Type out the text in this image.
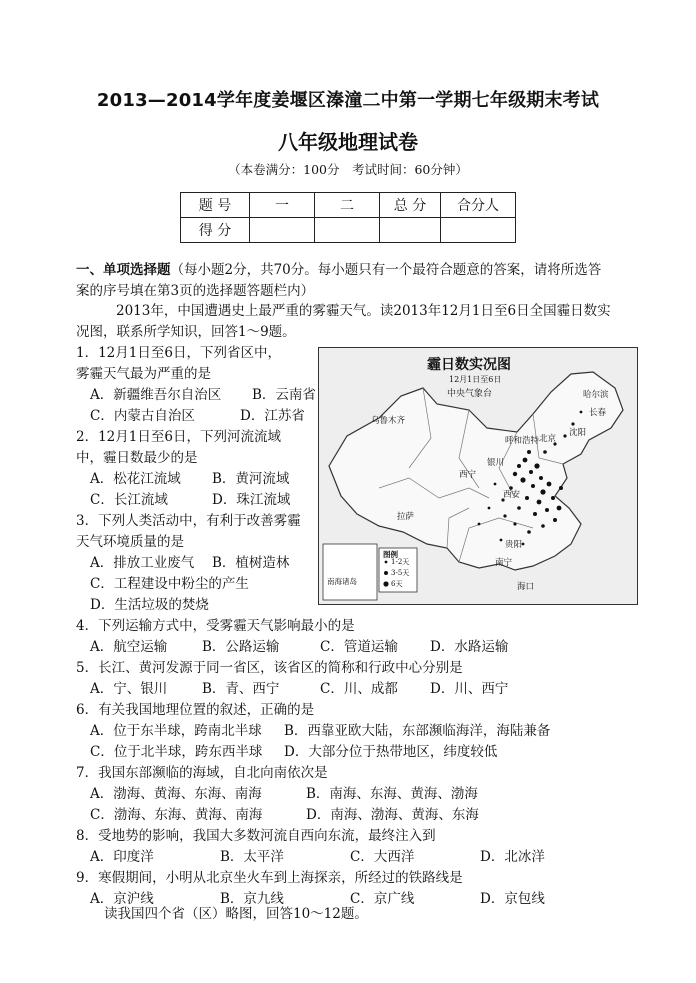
2013—2014学年度姜堰区溱潼二中第一学期七年级期末考试
八年级地理试卷
（本卷满分：100分　考试时间：60分钟）
题 号	一	二	总 分	合分人
得 分				
一、单项选择题（每小题2分，共70分。每小题只有一个最符合题意的答案，请将所选答
案的序号填在第3页的选择题答题栏内）
2013年，中国遭遇史上最严重的雾霾天气。读2013年12月1日至6日全国霾日数实
况图，联系所学知识，回答1～9题。
霾日数实况图
12月1日至6日
中央气象台
乌鲁木齐
哈尔滨
长春
沈阳
北京
呼和浩特
西宁
银川
西安
拉萨
贵阳
南宁
海口
南海诸岛
图例
1-2天
3-5天
6天
1．12月1日至6日，下列省区中，
雾霾天气最为严重的是
A．新疆维吾尔自治区 B．云南省
C．内蒙古自治区	D．江苏省
2．12月1日至6日，下列河流流域
中，霾日数最少的是
A．松花江流域 B．黄河流域
C．长江流域	D．珠江流域
3．下列人类活动中，有利于改善雾霾
天气环境质量的是
A．排放工业废气 B．植树造林
C．工程建设中粉尘的产生
D．生活垃圾的焚烧
4．下列运输方式中，受雾霾天气影响最小的是
A．航空运输	B．公路运输	C．管道运输 D．水路运输
5．长江、黄河发源于同一省区，该省区的简称和行政中心分别是
A．宁、银川	B．青、西宁	C．川、成都 D．川、西宁
6．有关我国地理位置的叙述，正确的是
A．位于东半球，跨南北半球 B．西靠亚欧大陆，东部濒临海洋，海陆兼备
C．位于北半球，跨东西半球 D．大部分位于热带地区，纬度较低
7．我国东部濒临的海域，自北向南依次是
A．渤海、黄海、东海、南海	B．南海、东海、黄海、渤海
C．渤海、东海、黄海、南海	D．南海、渤海、黄海、东海
8．受地势的影响，我国大多数河流自西向东流，最终注入到
A．印度洋	B．太平洋	C．大西洋	D．北冰洋
9．寒假期间，小明从北京坐火车到上海探亲，所经过的铁路线是
A．京沪线	B．京九线	C．京广线	D．京包线
读我国四个省（区）略图，回答10～12题。
